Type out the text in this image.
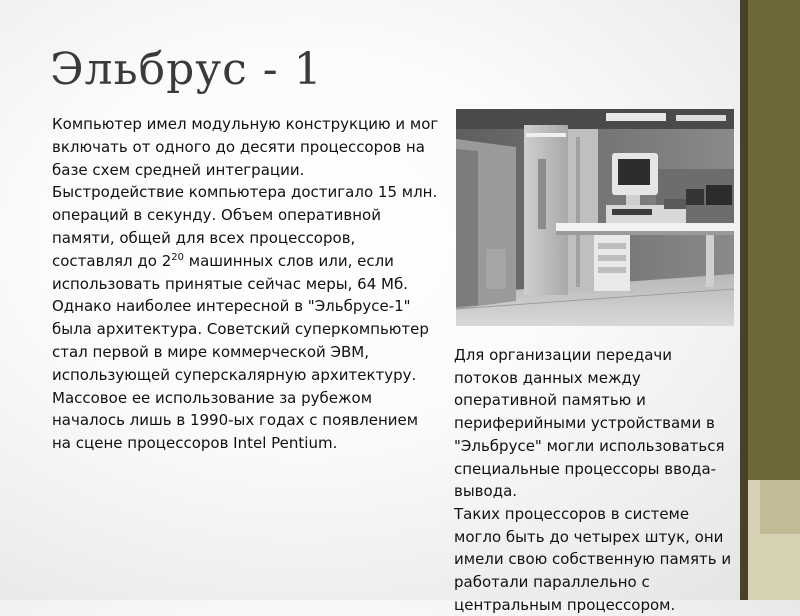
Эльбрус - 1

Компьютер имел модульную конструкцию и мог включать от одного до десяти процессоров на базе схем средней интеграции. Быстродействие компьютера достигало 15 млн. операций в секунду. Объем оперативной памяти, общей для всех процессоров, составлял до $2^{20}$ машинных слов или, если использовать принятые сейчас меры, 64 Мб.

Однако наиболее интересной в "Эльбрусе-1" была архитектура. Советский суперкомпьютер стал первой в мире коммерческой ЭВМ, использующей суперскалярную архитектуру. Массовое ее использование за рубежом началось лишь в 1990-ых годах с появлением на сцене процессоров Intel Pentium.

Для организации передачи потоков данных между оперативной памятью и периферийными устройствами в "Эльбрусе" могли использоваться специальные процессоры ввода-вывода.

Таких процессоров в системе могло быть до четырех штук, они имели свою собственную память и работали параллельно с центральным процессором.
